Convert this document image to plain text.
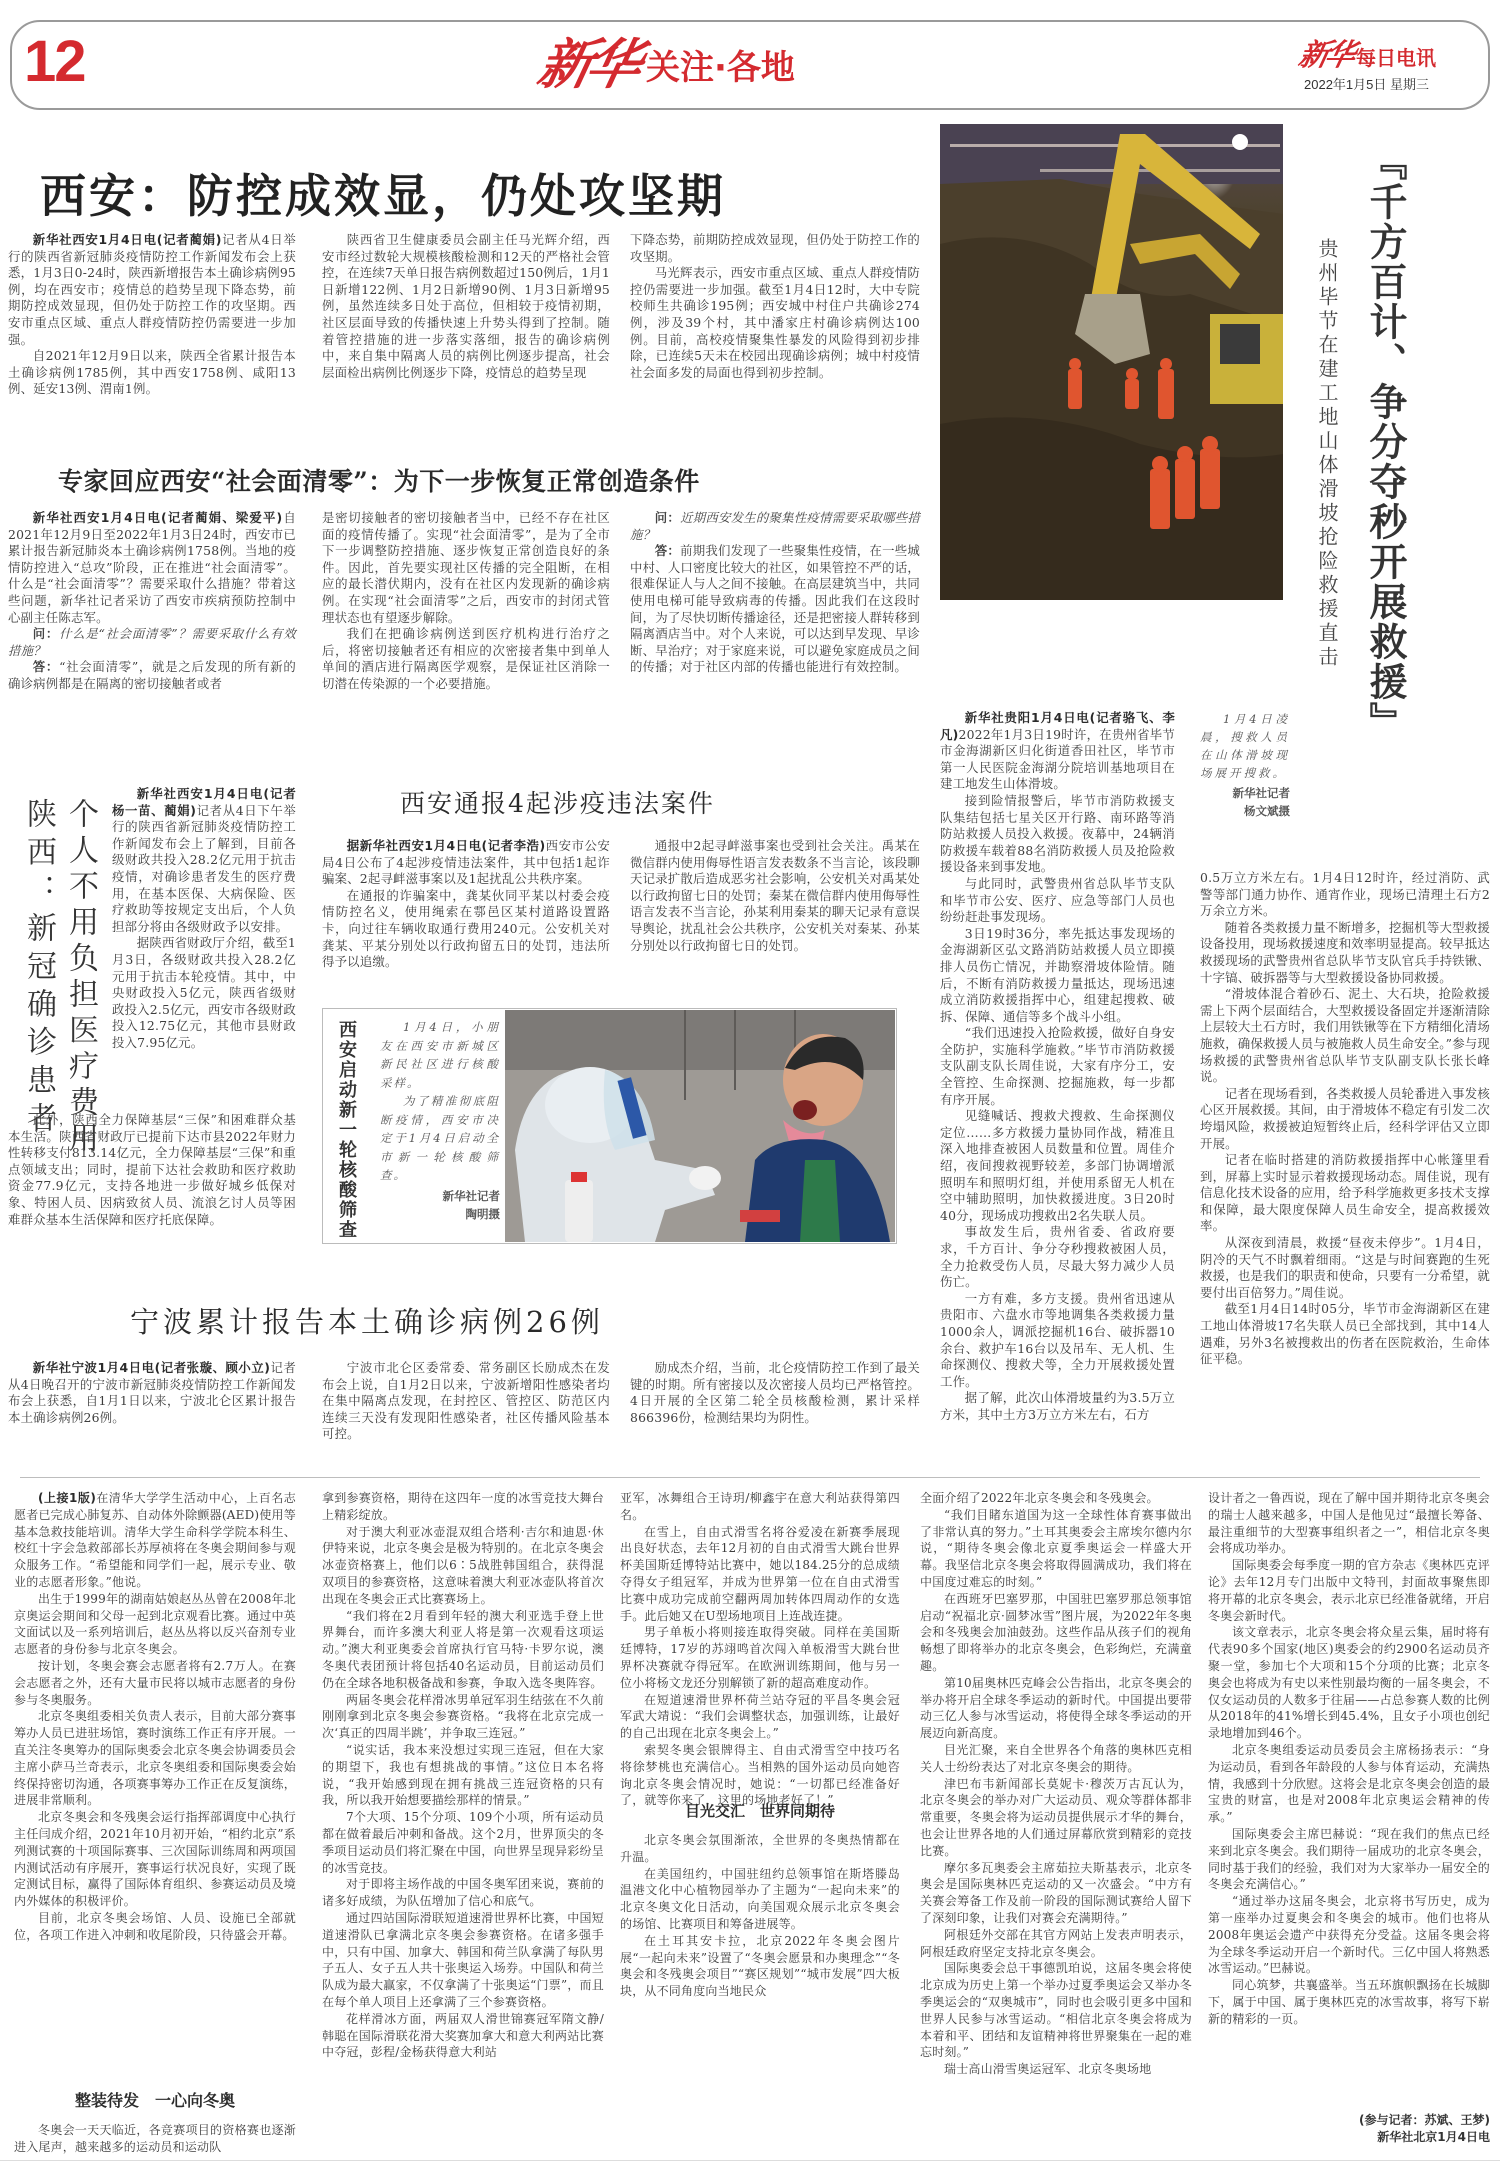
12	新华 关注·各地	新华 每日电讯
2022年1月5日 星期三
西安：防控成效显，仍处攻坚期

新华社西安1月4日电(记者蔺娟)记者从4日举行的陕西省新冠肺炎疫情防控工作新闻发布会上获悉，1月3日0-24时，陕西新增报告本土确诊病例95例，均在西安市；疫情总的趋势呈现下降态势，前期防控成效显现，但仍处于防控工作的攻坚期。西安市重点区域、重点人群疫情防控仍需要进一步加强。

自2021年12月9日以来，陕西全省累计报告本土确诊病例1785例，其中西安1758例、咸阳13例、延安13例、渭南1例。

陕西省卫生健康委员会副主任马光辉介绍，西安市经过数轮大规模核酸检测和12天的严格社会管控，在连续7天单日报告病例数超过150例后，1月1日新增122例、1月2日新增90例、1月3日新增95例，虽然连续多日处于高位，但相较于疫情初期，社区层面导致的传播快速上升势头得到了控制。随着管控措施的进一步落实落细，报告的确诊病例中，来自集中隔离人员的病例比例逐步提高，社会层面检出病例比例逐步下降，疫情总的趋势呈现

下降态势，前期防控成效显现，但仍处于防控工作的攻坚期。

马光辉表示，西安市重点区域、重点人群疫情防控仍需要进一步加强。截至1月4日12时，大中专院校师生共确诊195例；西安城中村住户共确诊274例，涉及39个村，其中潘家庄村确诊病例达100例。目前，高校疫情聚集性暴发的风险得到初步排除，已连续5天未在校园出现确诊病例；城中村疫情社会面多发的局面也得到初步控制。

专家回应西安“社会面清零”：为下一步恢复正常创造条件

新华社西安1月4日电(记者蔺娟、梁爱平)自2021年12月9日至2022年1月3日24时，西安市已累计报告新冠肺炎本土确诊病例1758例。当地的疫情防控进入“总攻”阶段，正在推进“社会面清零”。什么是“社会面清零”？需要采取什么措施？带着这些问题，新华社记者采访了西安市疾病预防控制中心副主任陈志军。

问：什么是“社会面清零”？需要采取什么有效措施？

答：“社会面清零”，就是之后发现的所有新的确诊病例都是在隔离的密切接触者或者

是密切接触者的密切接触者当中，已经不存在社区面的疫情传播了。实现“社会面清零”，是为了全市下一步调整防控措施、逐步恢复正常创造良好的条件。因此，首先要实现社区传播的完全阻断，在相应的最长潜伏期内，没有在社区内发现新的确诊病例。在实现“社会面清零”之后，西安市的封闭式管理状态也有望逐步解除。

我们在把确诊病例送到医疗机构进行治疗之后，将密切接触者还有相应的次密接者集中到单人单间的酒店进行隔离医学观察，是保证社区消除一切潜在传染源的一个必要措施。

问：近期西安发生的聚集性疫情需要采取哪些措施？

答：前期我们发现了一些聚集性疫情，在一些城中村、人口密度比较大的社区，如果管控不严的话，很难保证人与人之间不接触。在高层建筑当中，共同使用电梯可能导致病毒的传播。因此我们在这段时间，为了尽快切断传播途径，还是把密接人群转移到隔离酒店当中。对个人来说，可以达到早发现、早诊断、早治疗；对于家庭来说，可以避免家庭成员之间的传播；对于社区内部的传播也能进行有效控制。

陕西：新冠确诊患者 个人不用负担医疗费用

新华社西安1月4日电(记者杨一苗、蔺娟)记者从4日下午举行的陕西省新冠肺炎疫情防控工作新闻发布会上了解到，目前各级财政共投入28.2亿元用于抗击疫情，对确诊患者发生的医疗费用，在基本医保、大病保险、医疗救助等按规定支出后，个人负担部分将由各级财政予以安排。

据陕西省财政厅介绍，截至1月3日，各级财政共投入28.2亿元用于抗击本轮疫情。其中，中央财政投入5亿元，陕西省级财政投入2.5亿元，西安市各级财政投入12.75亿元，其他市县财政投入7.95亿元。

此外，陕西全力保障基层“三保”和困难群众基本生活。陕西省财政厅已提前下达市县2022年财力性转移支付813.14亿元，全力保障基层“三保”和重点领域支出；同时，提前下达社会救助和医疗救助资金77.9亿元，支持各地进一步做好城乡低保对象、特困人员、因病致贫人员、流浪乞讨人员等困难群众基本生活保障和医疗托底保障。

西安通报4起涉疫违法案件

据新华社西安1月4日电(记者李浩)西安市公安局4日公布了4起涉疫情违法案件，其中包括1起诈骗案、2起寻衅滋事案以及1起扰乱公共秩序案。

在通报的诈骗案中，龚某伙同平某以村委会疫情防控名义，使用绳索在鄠邑区某村道路设置路卡，向过往车辆收取通行费用240元。公安机关对龚某、平某分别处以行政拘留五日的处罚，违法所得予以追缴。

通报中2起寻衅滋事案也受到社会关注。禹某在微信群内使用侮辱性语言发表数条不当言论，该段聊天记录扩散后造成恶劣社会影响，公安机关对禹某处以行政拘留七日的处罚；秦某在微信群内使用侮辱性语言发表不当言论，孙某利用秦某的聊天记录有意误导舆论，扰乱社会公共秩序，公安机关对秦某、孙某分别处以行政拘留七日的处罚。

西安启动新一轮核酸筛查	1月4日，小朋友在西安市新城区新民社区进行核酸采样。

为了精准彻底阻断疫情，西安市决定于1月4日启动全市新一轮核酸筛查。

新华社记者

陶明摄

『千方百计、争分夺秒开展救援』
贵州毕节在建工地山体滑坡抢险救援直击

1月4日凌晨，搜救人员在山体滑坡现场展开搜救。

新华社记者

杨文斌摄

新华社贵阳1月4日电(记者骆飞、李凡)2022年1月3日19时许，在贵州省毕节市金海湖新区归化街道香田社区，毕节市第一人民医院金海湖分院培训基地项目在建工地发生山体滑坡。

接到险情报警后，毕节市消防救援支队集结包括七星关区开行路、南环路等消防站救援人员投入救援。夜幕中，24辆消防救援车载着88名消防救援人员及抢险救援设备来到事发地。

与此同时，武警贵州省总队毕节支队和毕节市公安、医疗、应急等部门人员也纷纷赶赴事发现场。

3日19时36分，率先抵达事发现场的金海湖新区弘文路消防站救援人员立即摸排人员伤亡情况，并勘察滑坡体险情。随后，不断有消防救援力量抵达，现场迅速成立消防救援指挥中心，组建起搜救、破拆、保障、通信等多个战斗小组。

“我们迅速投入抢险救援，做好自身安全防护，实施科学施救。”毕节市消防救援支队副支队长周佳说，大家有序分工，安全管控、生命探测、挖掘施救，每一步都有序开展。

见缝喊话、搜救犬搜救、生命探测仪定位……多方救援力量协同作战，精准且深入地排查被困人员数量和位置。周佳介绍，夜间搜救视野较差，多部门协调增派照明车和照明灯组，并使用系留无人机在空中辅助照明，加快救援进度。3日20时40分，现场成功搜救出2名失联人员。

事故发生后，贵州省委、省政府要求，千方百计、争分夺秒搜救被困人员，全力抢救受伤人员，尽最大努力减少人员伤亡。

一方有难，多方支援。贵州省迅速从贵阳市、六盘水市等地调集各类救援力量1000余人，调派挖掘机16台、破拆器10余台、救护车16台以及吊车、无人机、生命探测仪、搜救犬等，全力开展救援处置工作。

据了解，此次山体滑坡量约为3.5万立方米，其中土方3万立方米左右，石方

0.5万立方米左右。1月4日12时许，经过消防、武警等部门通力协作、通宵作业，现场已清理土石方2万余立方米。

随着各类救援力量不断增多，挖掘机等大型救援设备投用，现场救援速度和效率明显提高。较早抵达救援现场的武警贵州省总队毕节支队官兵手持铁锹、十字镐、破拆器等与大型救援设备协同救援。

“滑坡体混合着砂石、泥土、大石块，抢险救援需上下两个层面结合，大型救援设备固定并逐渐清除上层较大土石方时，我们用铁锹等在下方精细化清场施救，确保救援人员与被施救人员生命安全。”参与现场救援的武警贵州省总队毕节支队副支队长张长峰说。

记者在现场看到，各类救援人员轮番进入事发核心区开展救援。其间，由于滑坡体不稳定有引发二次垮塌风险，救援被迫短暂终止后，经科学评估又立即开展。

记者在临时搭建的消防救援指挥中心帐篷里看到，屏幕上实时显示着救援现场动态。周佳说，现有信息化技术设备的应用，给予科学施救更多技术支撑和保障，最大限度保障人员生命安全，提高救援效率。

从深夜到清晨，救援“昼夜未停步”。1月4日，阴冷的天气不时飘着细雨。“这是与时间赛跑的生死救援，也是我们的职责和使命，只要有一分希望，就要付出百倍努力。”周佳说。

截至1月4日14时05分，毕节市金海湖新区在建工地山体滑坡17名失联人员已全部找到，其中14人遇难，另外3名被搜救出的伤者在医院救治，生命体征平稳。

宁波累计报告本土确诊病例26例

新华社宁波1月4日电(记者张璇、顾小立)记者从4日晚召开的宁波市新冠肺炎疫情防控工作新闻发布会上获悉，自1月1日以来，宁波北仑区累计报告本土确诊病例26例。

宁波市北仑区委常委、常务副区长励成杰在发布会上说，自1月2日以来，宁波新增阳性感染者均在集中隔离点发现，在封控区、管控区、防范区内连续三天没有发现阳性感染者，社区传播风险基本可控。

励成杰介绍，当前，北仑疫情防控工作到了最关键的时期。所有密接以及次密接人员均已严格管控。4日开展的全区第二轮全员核酸检测，累计采样866396份，检测结果均为阴性。

(上接1版)在清华大学学生活动中心，上百名志愿者已完成心肺复苏、自动体外除颤器(AED)使用等基本急救技能培训。清华大学生命科学学院本科生、校红十字会急救部部长苏厚祯将在冬奥会期间参与观众服务工作。“希望能和同学们一起，展示专业、敬业的志愿者形象。”他说。

出生于1999年的湖南姑娘赵丛丛曾在2008年北京奥运会期间和父母一起到北京观看比赛。通过中英文面试以及一系列培训后，赵丛丛将以反兴奋剂专业志愿者的身份参与北京冬奥会。

按计划，冬奥会赛会志愿者将有2.7万人。在赛会志愿者之外，还有大量市民将以城市志愿者的身份参与冬奥服务。

北京冬奥组委相关负责人表示，目前大部分赛事筹办人员已进驻场馆，赛时演练工作正有序开展。一直关注冬奥筹办的国际奥委会北京冬奥会协调委员会主席小萨马兰奇表示，北京冬奥组委和国际奥委会始终保持密切沟通，各项赛事筹办工作正在反复演练，进展非常顺利。

北京冬奥会和冬残奥会运行指挥部调度中心执行主任闫成介绍，2021年10月初开始，“相约北京”系列测试赛的十项国际赛事、三次国际训练周和两项国内测试活动有序展开，赛事运行状况良好，实现了既定测试目标，赢得了国际体育组织、参赛运动员及境内外媒体的积极评价。

目前，北京冬奥会场馆、人员、设施已全部就位，各项工作进入冲刺和收尾阶段，只待盛会开幕。

整装待发　一心向冬奥

冬奥会一天天临近，各竞赛项目的资格赛也逐渐进入尾声，越来越多的运动员和运动队

拿到参赛资格，期待在这四年一度的冰雪竞技大舞台上精彩绽放。

对于澳大利亚冰壶混双组合塔利·吉尔和迪恩·休伊特来说，北京冬奥会是极为特别的。在北京冬奥会冰壶资格赛上，他们以6∶5战胜韩国组合，获得混双项目的参赛资格，这意味着澳大利亚冰壶队将首次出现在冬奥会正式比赛赛场上。

“我们将在2月看到年轻的澳大利亚选手登上世界舞台，而许多澳大利亚人将是第一次观看这项运动。”澳大利亚奥委会首席执行官马特·卡罗尔说，澳冬奥代表团预计将包括40名运动员，目前运动员们仍在全球各地积极备战和参赛，争取入选冬奥阵容。

两届冬奥会花样滑冰男单冠军羽生结弦在不久前刚刚拿到北京冬奥会参赛资格。“我将在北京完成一次‘真正的四周半跳’，并争取三连冠。”

“说实话，我本来没想过实现三连冠，但在大家的期望下，我也有想挑战的事情。”这位日本名将说，“我开始感到现在拥有挑战三连冠资格的只有我，所以我开始想要描绘那样的情景。”

7个大项、15个分项、109个小项，所有运动员都在做着最后冲刺和备战。这个2月，世界顶尖的冬季项目运动员们将汇聚在中国，向世界呈现异彩纷呈的冰雪竞技。

对于即将主场作战的中国冬奥军团来说，赛前的诸多好成绩，为队伍增加了信心和底气。

通过四站国际滑联短道速滑世界杯比赛，中国短道速滑队已拿满北京冬奥会参赛资格。在诸多强手中，只有中国、加拿大、韩国和荷兰队拿满了每队男子五人、女子五人共十张奥运入场券。中国队和荷兰队成为最大赢家，不仅拿满了十张奥运“门票”，而且在每个单人项目上还拿满了三个参赛资格。

花样滑冰方面，两届双人滑世锦赛冠军隋文静/韩聪在国际滑联花滑大奖赛加拿大和意大利两站比赛中夺冠，彭程/金杨获得意大利站

亚军，冰舞组合王诗玥/柳鑫宇在意大利站获得第四名。

在雪上，自由式滑雪名将谷爱凌在新赛季展现出良好状态，去年12月初的自由式滑雪大跳台世界杯美国斯廷博特站比赛中，她以184.25分的总成绩夺得女子组冠军，并成为世界第一位在自由式滑雪比赛中成功完成前空翻两周加转体四周动作的女选手。此后她又在U型场地项目上连战连捷。

男子单板小将则接连取得突破。同样在美国斯廷博特，17岁的苏翊鸣首次闯入单板滑雪大跳台世界杯决赛就夺得冠军。在欧洲训练期间，他与另一位小将杨文龙还分别解锁了新的超高难度动作。

在短道速滑世界杯荷兰站夺冠的平昌冬奥会冠军武大靖说：“我们会调整状态，加强训练，让最好的自己出现在北京冬奥会上。”

索契冬奥会银牌得主、自由式滑雪空中技巧名将徐梦桃也充满信心。当相熟的国外运动员向她咨询北京冬奥会情况时，她说：“一切都已经准备好了，就等你来了，这里的场地老好了！”

目光交汇　世界同期待

北京冬奥会氛围渐浓，全世界的冬奥热情都在升温。

在美国纽约，中国驻纽约总领事馆在斯塔滕岛温港文化中心植物园举办了主题为“一起向未来”的北京冬奥文化日活动，向美国观众展示北京冬奥会的场馆、比赛项目和筹备进展等。

在土耳其安卡拉，北京2022年冬奥会图片展“一起向未来”设置了“冬奥会愿景和办奥理念”“冬奥会和冬残奥会项目”“赛区规划”“城市发展”四大板块，从不同角度向当地民众

全面介绍了2022年北京冬奥会和冬残奥会。

“我们目睹东道国为这一全球性体育赛事做出了非常认真的努力。”土耳其奥委会主席埃尔德内尔说，“期待冬奥会像北京夏季奥运会一样盛大开幕。我坚信北京冬奥会将取得圆满成功，我们将在中国度过难忘的时刻。”

在西班牙巴塞罗那，中国驻巴塞罗那总领事馆启动“祝福北京·圆梦冰雪”图片展，为2022年冬奥会和冬残奥会加油鼓劲。这些作品从孩子们的视角畅想了即将举办的北京冬奥会，色彩绚烂，充满童趣。

第10届奥林匹克峰会公告指出，北京冬奥会的举办将开启全球冬季运动的新时代。中国提出要带动三亿人参与冰雪运动，将使得全球冬季运动的开展迈向新高度。

目光汇聚，来自全世界各个角落的奥林匹克相关人士纷纷表达了对北京冬奥会的期待。

津巴布韦新闻部长莫妮卡·穆茨万古瓦认为，北京冬奥会的举办对广大运动员、观众等群体都非常重要，冬奥会将为运动员提供展示才华的舞台，也会让世界各地的人们通过屏幕欣赏到精彩的竞技比赛。

摩尔多瓦奥委会主席茹拉夫斯基表示，北京冬奥会是国际奥林匹克运动的又一次盛会。“中方有关赛会筹备工作及前一阶段的国际测试赛给人留下了深刻印象，让我们对赛会充满期待。”

阿根廷外交部在其官方网站上发表声明表示，阿根廷政府坚定支持北京冬奥会。

国际奥委会总干事德凯珀说，这届冬奥会将使北京成为历史上第一个举办过夏季奥运会又举办冬季奥运会的“双奥城市”，同时也会吸引更多中国和世界人民参与冰雪运动。“相信北京冬奥会将成为本着和平、团结和友谊精神将世界聚集在一起的难忘时刻。”

瑞士高山滑雪奥运冠军、北京冬奥场地

设计者之一鲁西说，现在了解中国并期待北京冬奥会的瑞士人越来越多，中国人是他见过“最擅长筹备、最注重细节的大型赛事组织者之一”，相信北京冬奥会将成功举办。

国际奥委会每季度一期的官方杂志《奥林匹克评论》去年12月专门出版中文特刊，封面故事聚焦即将开幕的北京冬奥会，表示北京已经准备就绪，开启冬奥会新时代。

该文章表示，北京冬奥会将众星云集，届时将有代表90多个国家(地区)奥委会的约2900名运动员齐聚一堂，参加七个大项和15个分项的比赛；北京冬奥会也将成为有史以来性别最均衡的一届冬奥会，不仅女运动员的人数多于往届——占总参赛人数的比例从2018年的41%增长到45.4%，且女子小项也创纪录地增加到46个。

北京冬奥组委运动员委员会主席杨扬表示：“身为运动员，看到各年龄段的人参与体育运动，充满热情，我感到十分欣慰。这将会是北京冬奥会创造的最宝贵的财富，也是对2008年北京奥运会精神的传承。”

国际奥委会主席巴赫说：“现在我们的焦点已经来到北京冬奥会。我们期待一届成功的北京冬奥会，同时基于我们的经验，我们对为大家举办一届安全的冬奥会充满信心。”

“通过举办这届冬奥会，北京将书写历史，成为第一座举办过夏奥会和冬奥会的城市。他们也将从2008年奥运会遗产中获得充分受益。这届冬奥会将为全球冬季运动开启一个新时代。三亿中国人将熟悉冰雪运动。”巴赫说。

同心筑梦，共襄盛举。当五环旗帜飘扬在长城脚下，属于中国、属于奥林匹克的冰雪故事，将写下崭新的精彩的一页。

(参与记者：苏斌、王梦)
新华社北京1月4日电
